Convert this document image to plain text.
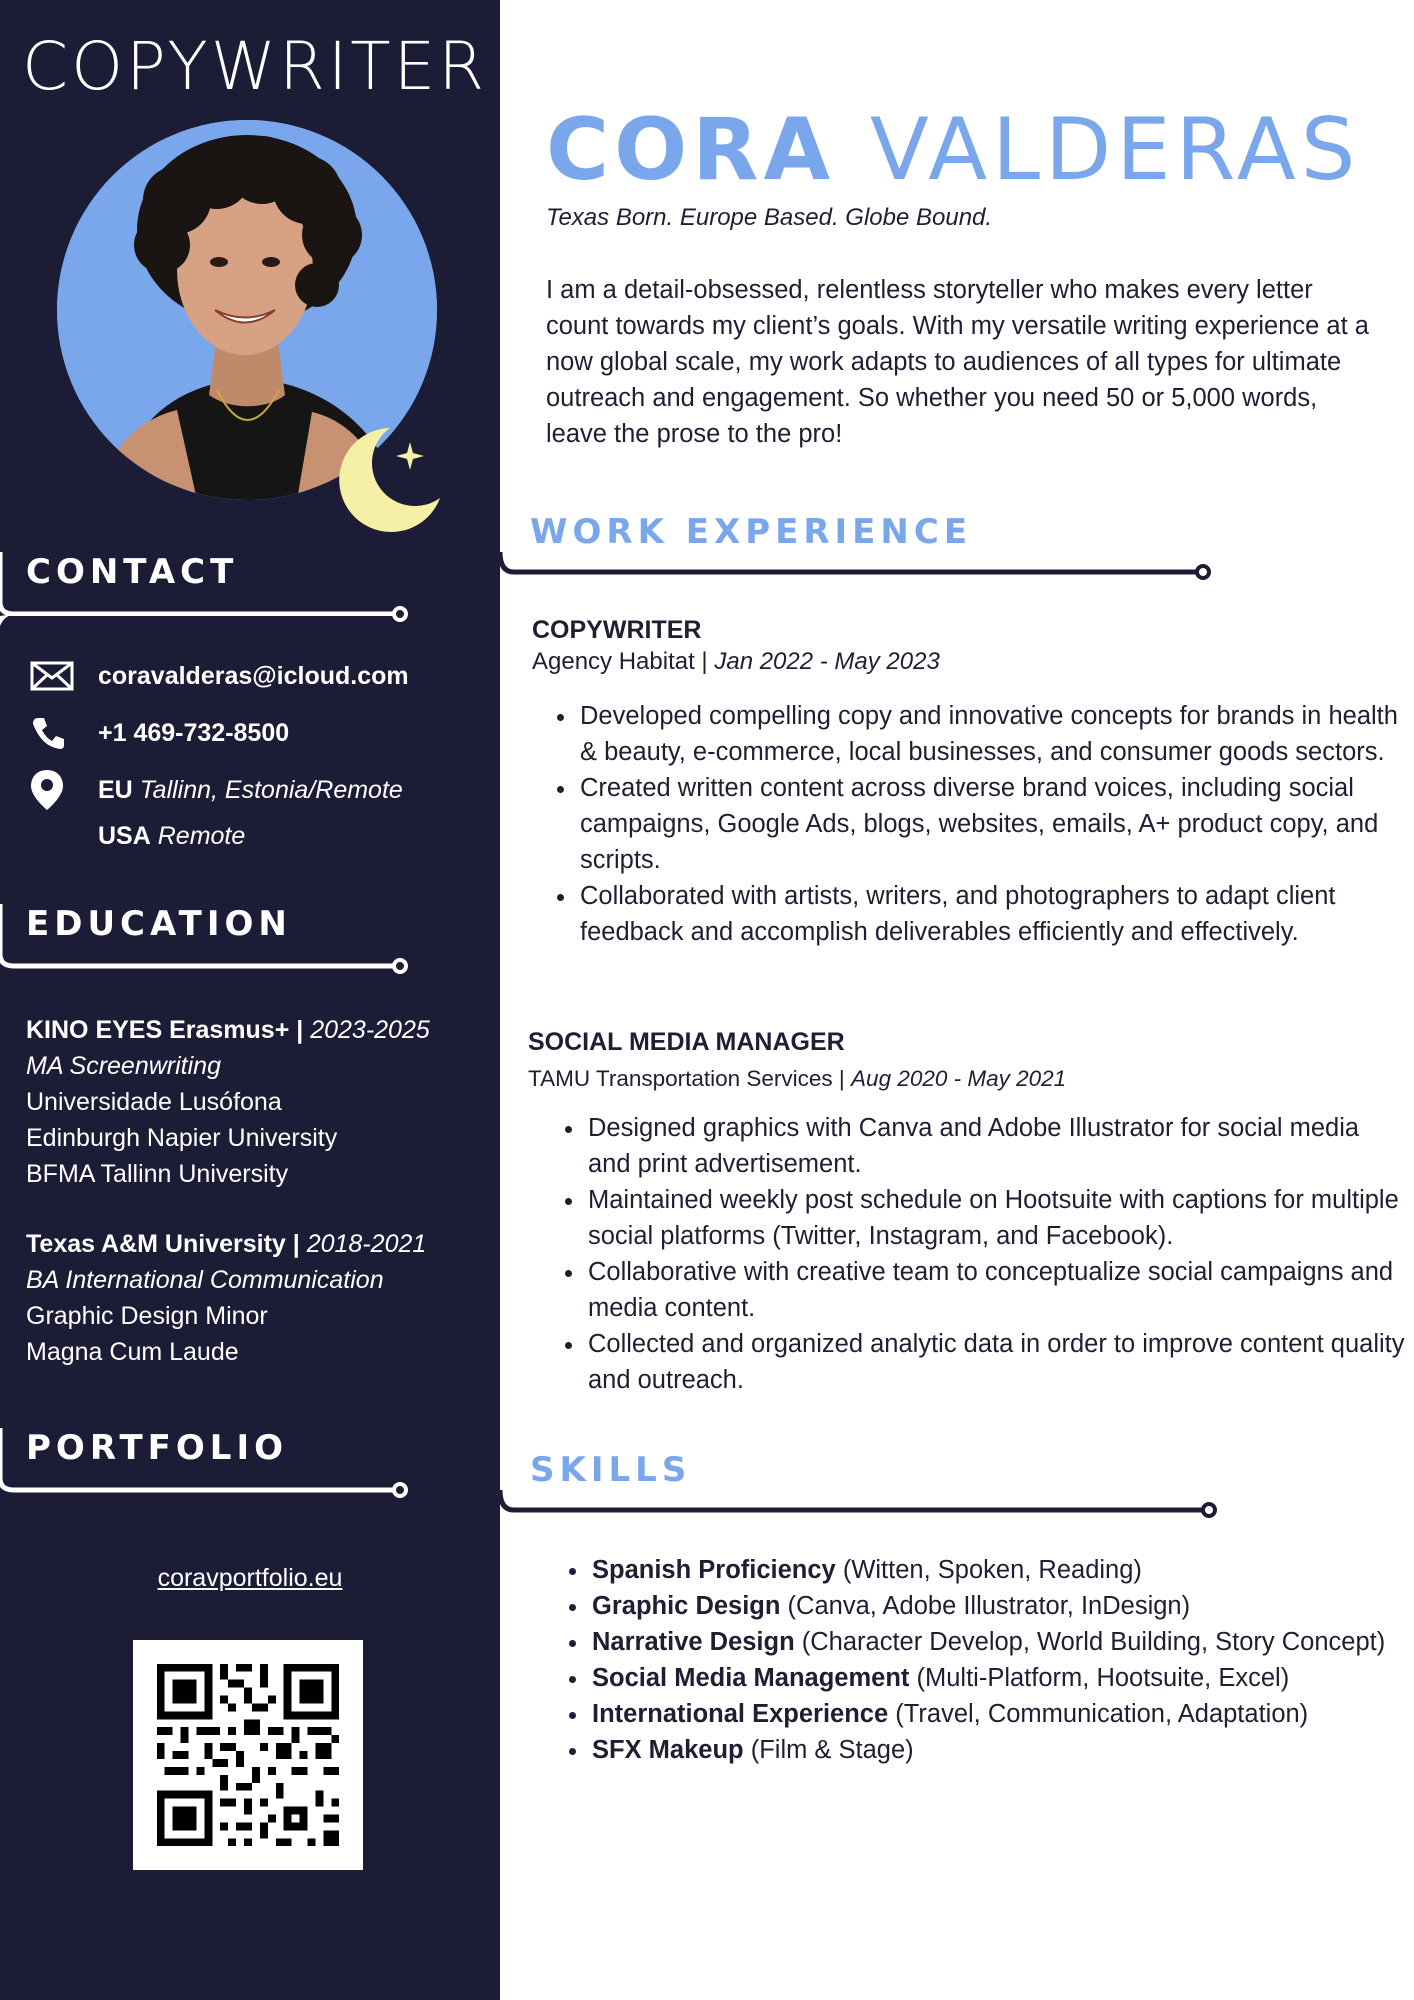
COPYWRITER
CONTACT
coravalderas@icloud.com
+1 469-732-8500
EU Tallinn, Estonia/Remote
USA Remote
EDUCATION
KINO EYES Erasmus+ | 2023-2025
MA Screenwriting
Universidade Lusófona
Edinburgh Napier University
BFMA Tallinn University
Texas A&M University | 2018-2021
BA International Communication
Graphic Design Minor
Magna Cum Laude
PORTFOLIO
coravportfolio.eu
CORA VALDERAS
Texas Born. Europe Based. Globe Bound.

I am a detail-obsessed, relentless storyteller who makes every letter count towards my client’s goals. With my versatile writing experience at a now global scale, my work adapts to audiences of all types for ultimate outreach and engagement. So whether you need 50 or 5,000 words, leave the prose to the pro!

WORK EXPERIENCE
COPYWRITER
Agency Habitat | Jan 2022 - May 2023
• Developed compelling copy and innovative concepts for brands in health & beauty, e-commerce, local businesses, and consumer goods sectors.
• Created written content across diverse brand voices, including social campaigns, Google Ads, blogs, websites, emails, A+ product copy, and scripts.
• Collaborated with artists, writers, and photographers to adapt client feedback and accomplish deliverables efficiently and effectively.
SOCIAL MEDIA MANAGER
TAMU Transportation Services | Aug 2020 - May 2021
• Designed graphics with Canva and Adobe Illustrator for social media and print advertisement.
• Maintained weekly post schedule on Hootsuite with captions for multiple social platforms (Twitter, Instagram, and Facebook).
• Collaborative with creative team to conceptualize social campaigns and media content.
• Collected and organized analytic data in order to improve content quality and outreach.
SKILLS
• Spanish Proficiency (Witten, Spoken, Reading)
• Graphic Design (Canva, Adobe Illustrator, InDesign)
• Narrative Design (Character Develop, World Building, Story Concept)
• Social Media Management (Multi-Platform, Hootsuite, Excel)
• International Experience (Travel, Communication, Adaptation)
• SFX Makeup (Film & Stage)
